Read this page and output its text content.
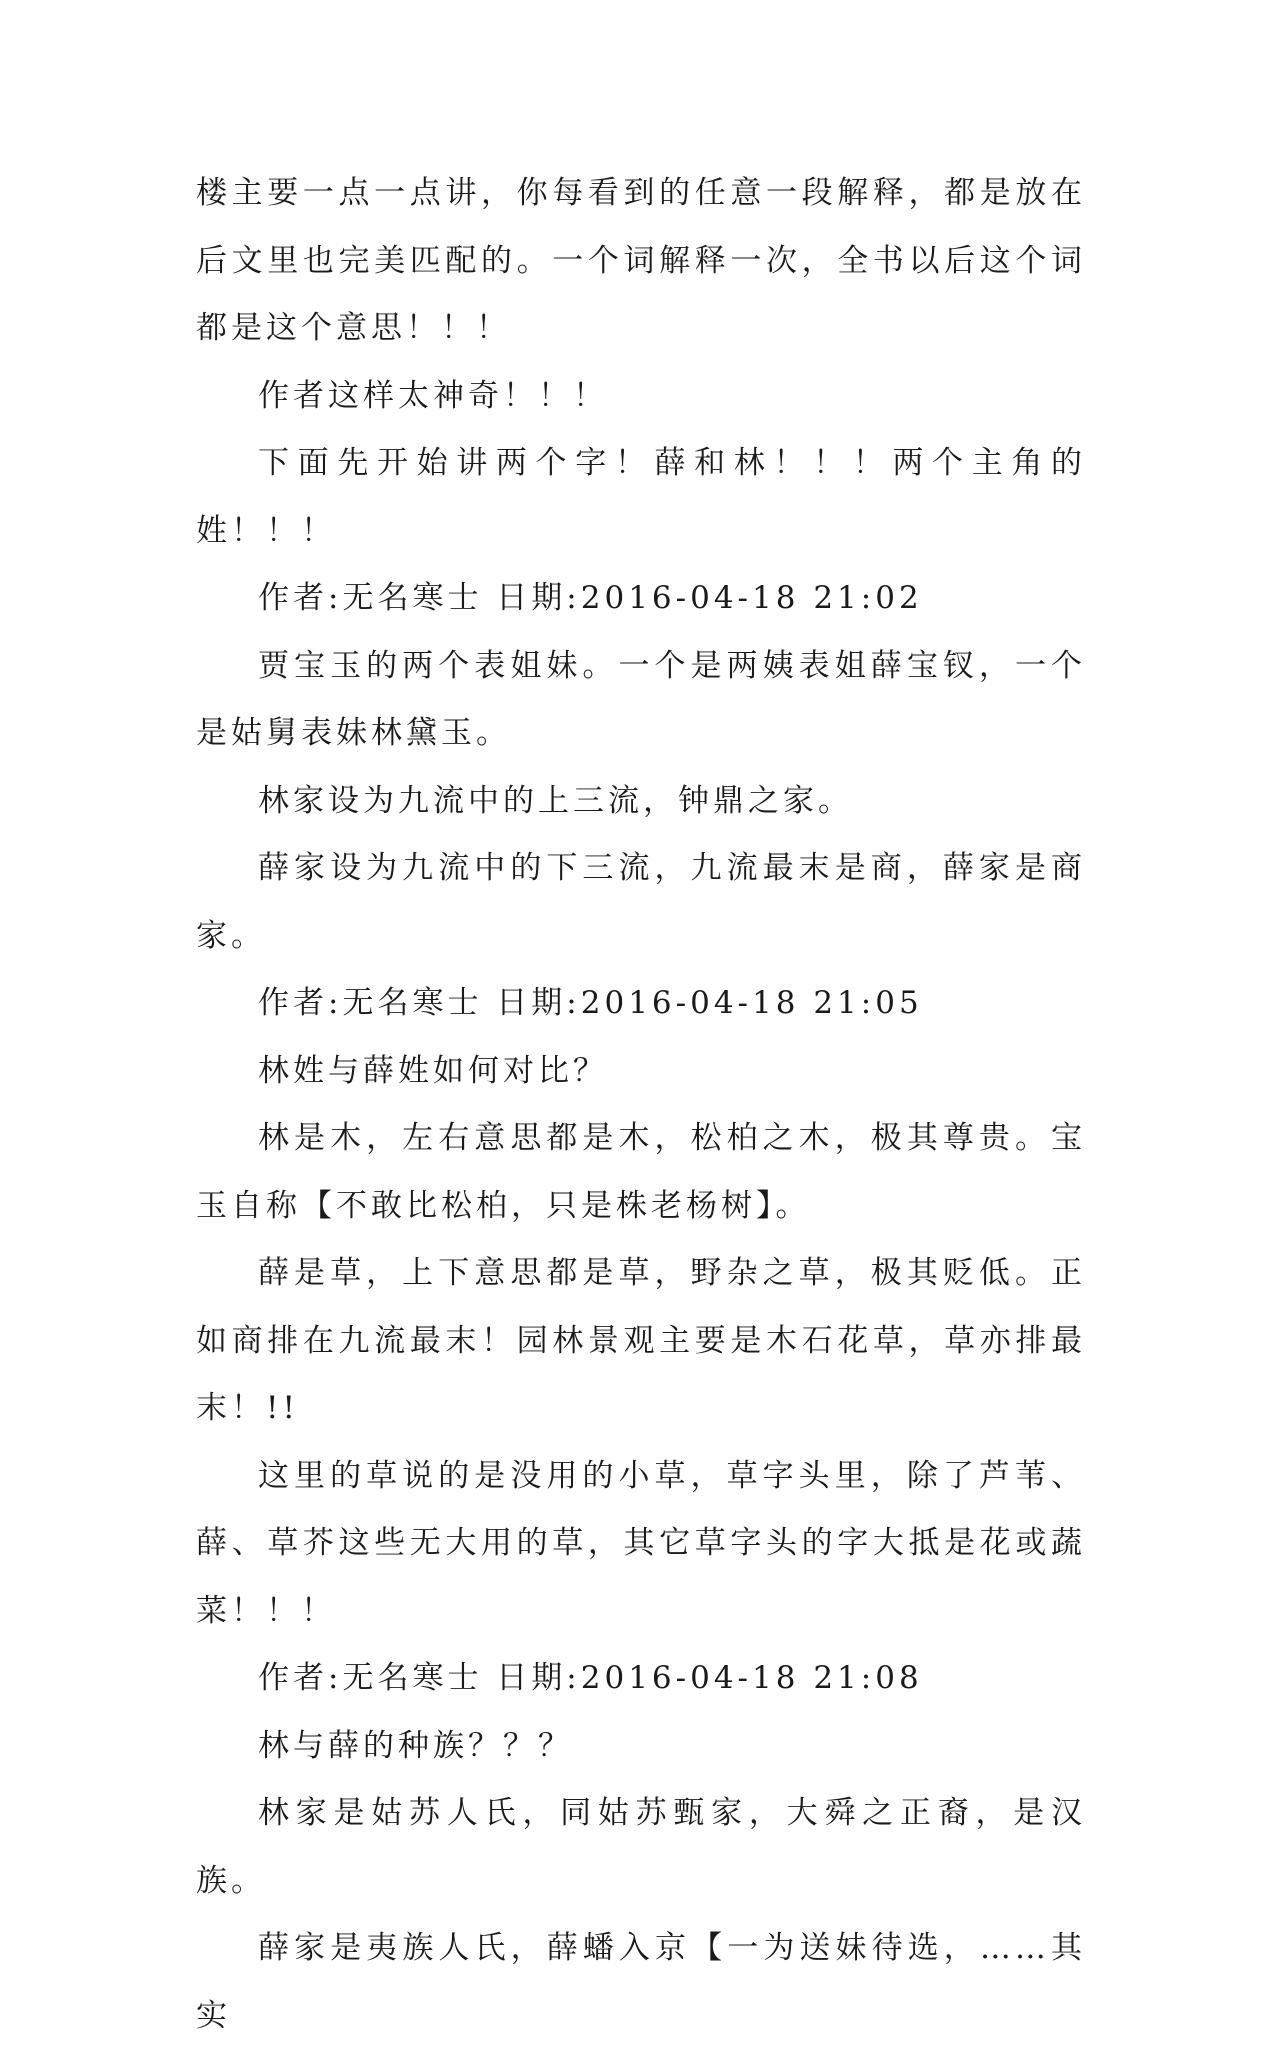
楼主要一点一点讲，你每看到的任意一段解释，都是放在后文里也完美匹配的。一个词解释一次，全书以后这个词都是这个意思！！！

作者这样太神奇！！！

下面先开始讲两个字！薛和林！！！两个主角的姓！！！

作者:无名寒士 日期:2016-04-18 21:02

贾宝玉的两个表姐妹。一个是两姨表姐薛宝钗，一个是姑舅表妹林黛玉。

林家设为九流中的上三流，钟鼎之家。

薛家设为九流中的下三流，九流最末是商，薛家是商家。

作者:无名寒士 日期:2016-04-18 21:05

林姓与薛姓如何对比？

林是木，左右意思都是木，松柏之木，极其尊贵。宝玉自称【不敢比松柏，只是株老杨树】。

薛是草，上下意思都是草，野杂之草，极其贬低。正如商排在九流最末！园林景观主要是木石花草，草亦排最末！!!

这里的草说的是没用的小草，草字头里，除了芦苇、薛、草芥这些无大用的草，其它草字头的字大抵是花或蔬菜！！！

作者:无名寒士 日期:2016-04-18 21:08

林与薛的种族？？？

林家是姑苏人氏，同姑苏甄家，大舜之正裔，是汉族。

薛家是夷族人氏，薛蟠入京【一为送妹待选，……其实
